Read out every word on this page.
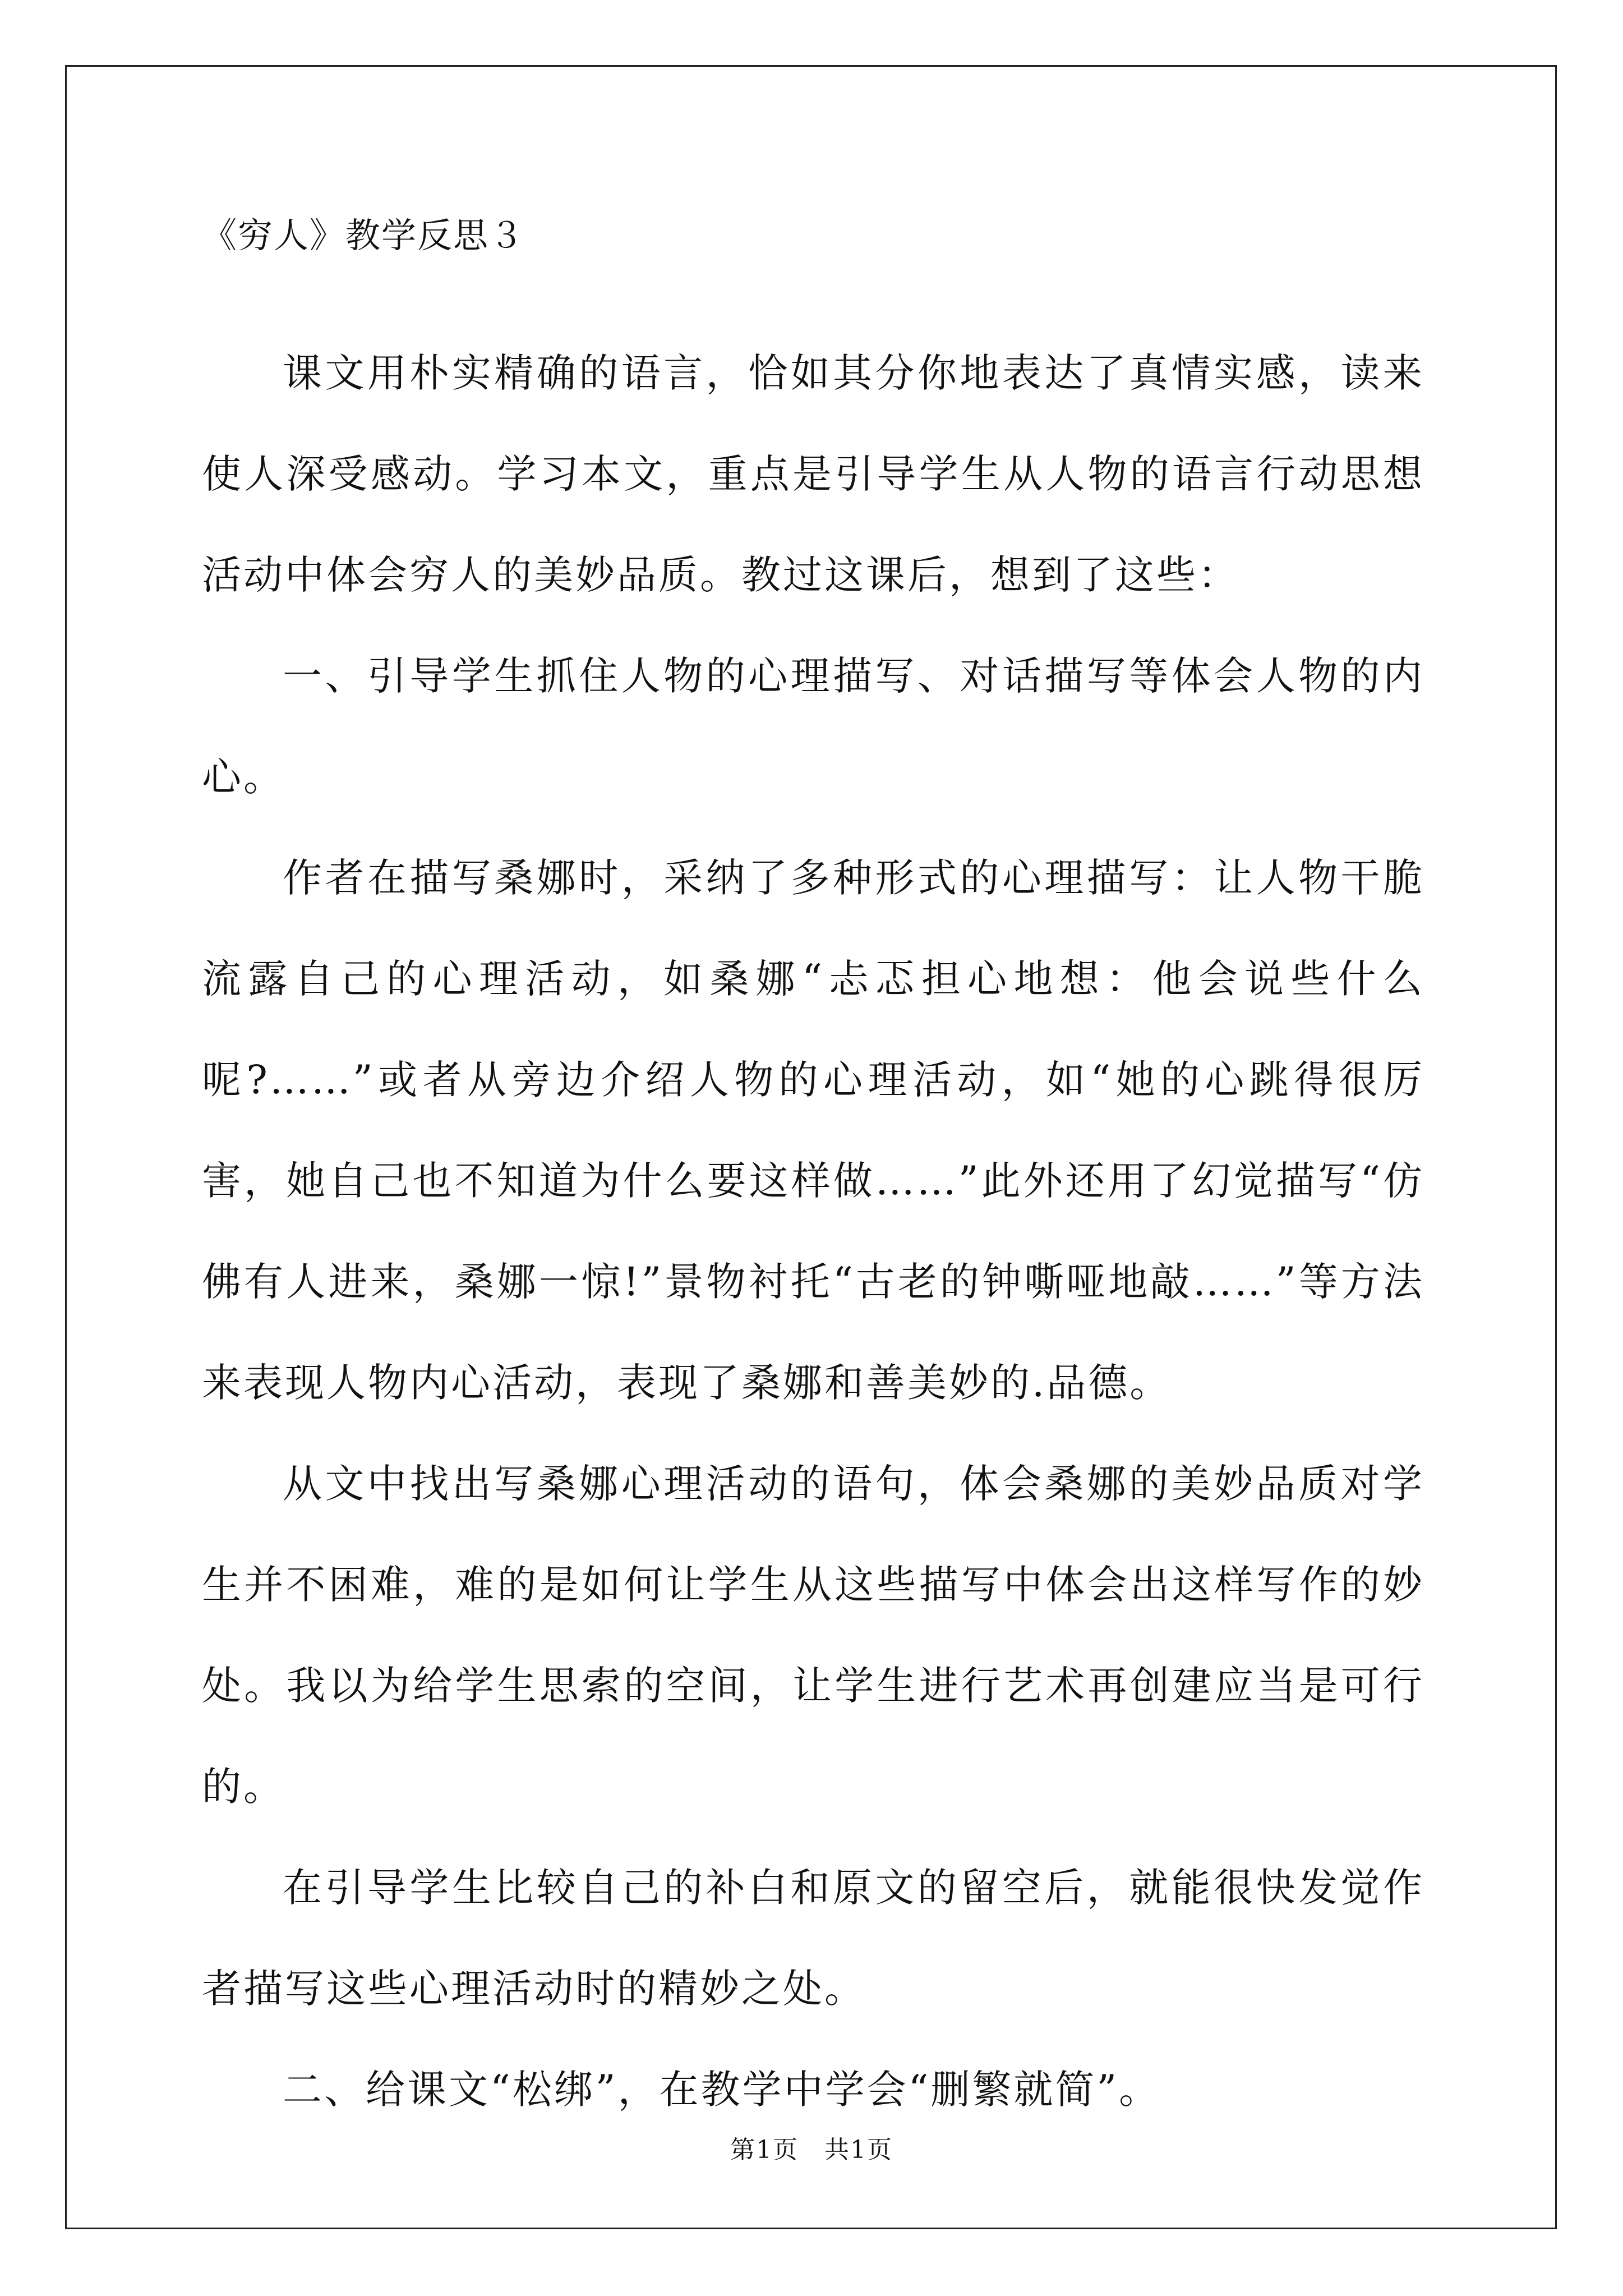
《穷人》教学反思３

课文用朴实精确的语言，恰如其分你地表达了真情实感，读来使人深受感动。学习本文，重点是引导学生从人物的语言行动思想活动中体会穷人的美妙品质。教过这课后，想到了这些：

一、引导学生抓住人物的心理描写、对话描写等体会人物的内心。

作者在描写桑娜时，采纳了多种形式的心理描写：让人物干脆流露自己的心理活动，如桑娜“忐忑担心地想：他会说些什么呢?……”或者从旁边介绍人物的心理活动，如“她的心跳得很厉害，她自己也不知道为什么要这样做……”此外还用了幻觉描写“仿佛有人进来，桑娜一惊!”景物衬托“古老的钟嘶哑地敲……”等方法来表现人物内心活动，表现了桑娜和善美妙的.品德。

从文中找出写桑娜心理活动的语句，体会桑娜的美妙品质对学生并不困难，难的是如何让学生从这些描写中体会出这样写作的妙处。我以为给学生思索的空间，让学生进行艺术再创建应当是可行的。

在引导学生比较自己的补白和原文的留空后，就能很快发觉作者描写这些心理活动时的精妙之处。

二、给课文“松绑”，在教学中学会“删繁就简”。

第1页　共1页
